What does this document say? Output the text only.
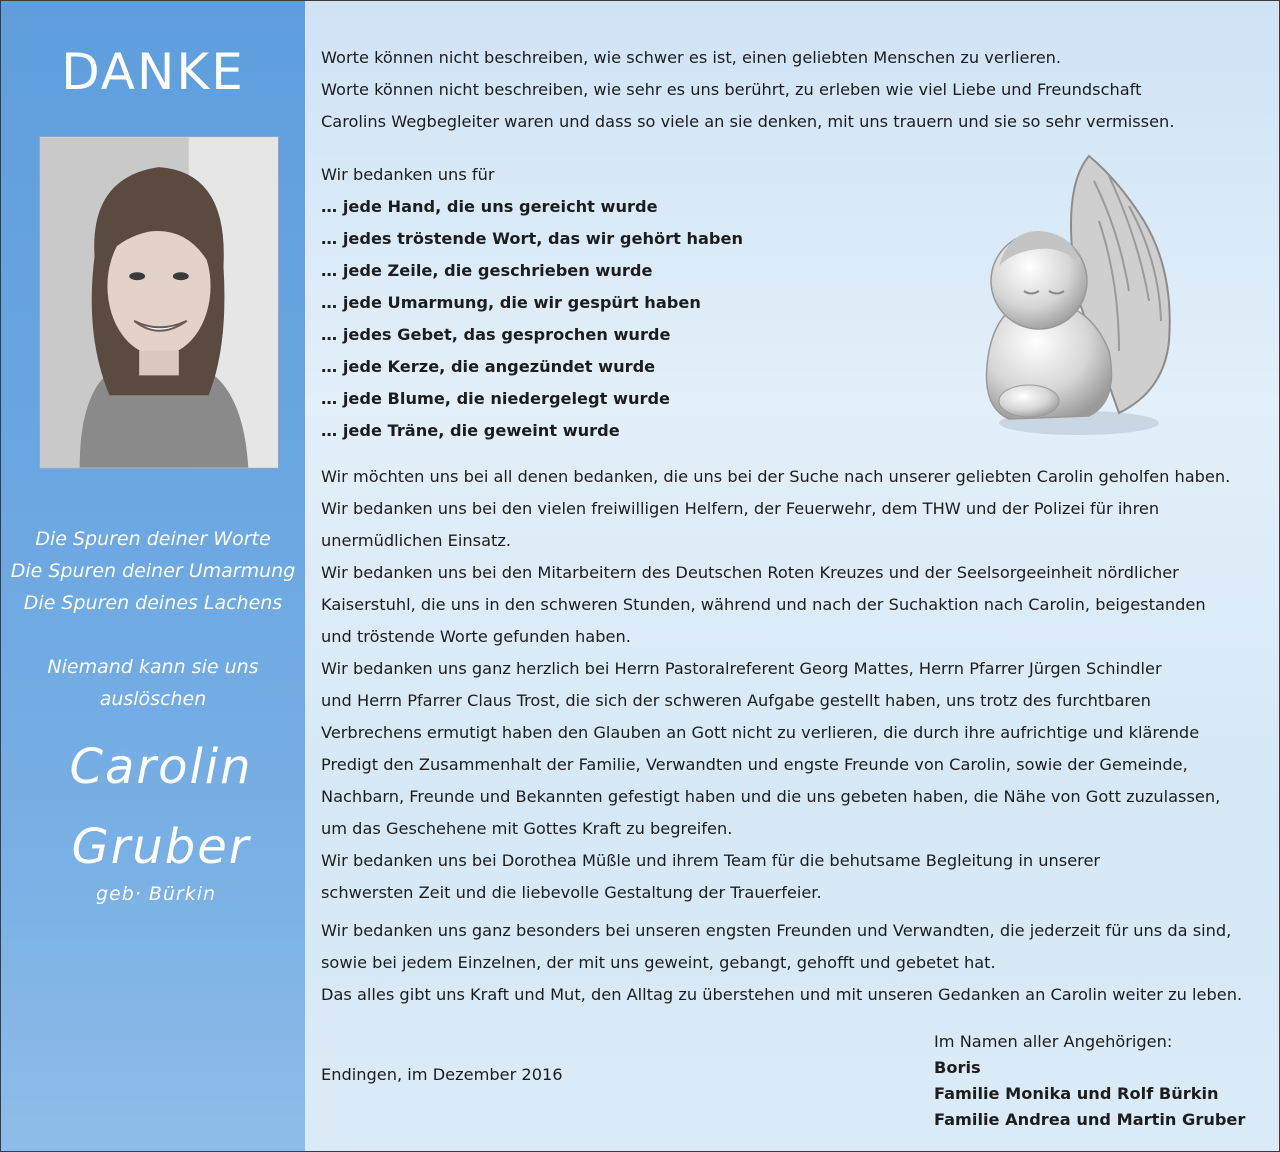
DANKE
Die Spuren deiner Worte
Die Spuren deiner Umarmung
Die Spuren deines Lachens
Niemand kann sie uns auslöschen
Carolin
Gruber
geb· Bürkin

Worte können nicht beschreiben, wie schwer es ist, einen geliebten Menschen zu verlieren.

Worte können nicht beschreiben, wie sehr es uns berührt, zu erleben wie viel Liebe und Freundschaft

Carolins Wegbegleiter waren und dass so viele an sie denken, mit uns trauern und sie so sehr vermissen.

Wir bedanken uns für

… jede Hand, die uns gereicht wurde

… jedes tröstende Wort, das wir gehört haben

… jede Zeile, die geschrieben wurde

… jede Umarmung, die wir gespürt haben

… jedes Gebet, das gesprochen wurde

… jede Kerze, die angezündet wurde

… jede Blume, die niedergelegt wurde

… jede Träne, die geweint wurde

Wir möchten uns bei all denen bedanken, die uns bei der Suche nach unserer geliebten Carolin geholfen haben.

Wir bedanken uns bei den vielen freiwilligen Helfern, der Feuerwehr, dem THW und der Polizei für ihren

unermüdlichen Einsatz.

Wir bedanken uns bei den Mitarbeitern des Deutschen Roten Kreuzes und der Seelsorgeeinheit nördlicher

Kaiserstuhl, die uns in den schweren Stunden, während und nach der Suchaktion nach Carolin, beigestanden

und tröstende Worte gefunden haben.

Wir bedanken uns ganz herzlich bei Herrn Pastoralreferent Georg Mattes, Herrn Pfarrer Jürgen Schindler

und Herrn Pfarrer Claus Trost, die sich der schweren Aufgabe gestellt haben, uns trotz des furchtbaren

Verbrechens ermutigt haben den Glauben an Gott nicht zu verlieren, die durch ihre aufrichtige und klärende

Predigt den Zusammenhalt der Familie, Verwandten und engste Freunde von Carolin, sowie der Gemeinde,

Nachbarn, Freunde und Bekannten gefestigt haben und die uns gebeten haben, die Nähe von Gott zuzulassen,

um das Geschehene mit Gottes Kraft zu begreifen.

Wir bedanken uns bei Dorothea Müßle und ihrem Team für die behutsame Begleitung in unserer

schwersten Zeit und die liebevolle Gestaltung der Trauerfeier.

Wir bedanken uns ganz besonders bei unseren engsten Freunden und Verwandten, die jederzeit für uns da sind,

sowie bei jedem Einzelnen, der mit uns geweint, gebangt, gehofft und gebetet hat.

Das alles gibt uns Kraft und Mut, den Alltag zu überstehen und mit unseren Gedanken an Carolin weiter zu leben.

Endingen, im Dezember 2016
Im Namen aller Angehörigen:
Boris
Familie Monika und Rolf Bürkin
Familie Andrea und Martin Gruber
